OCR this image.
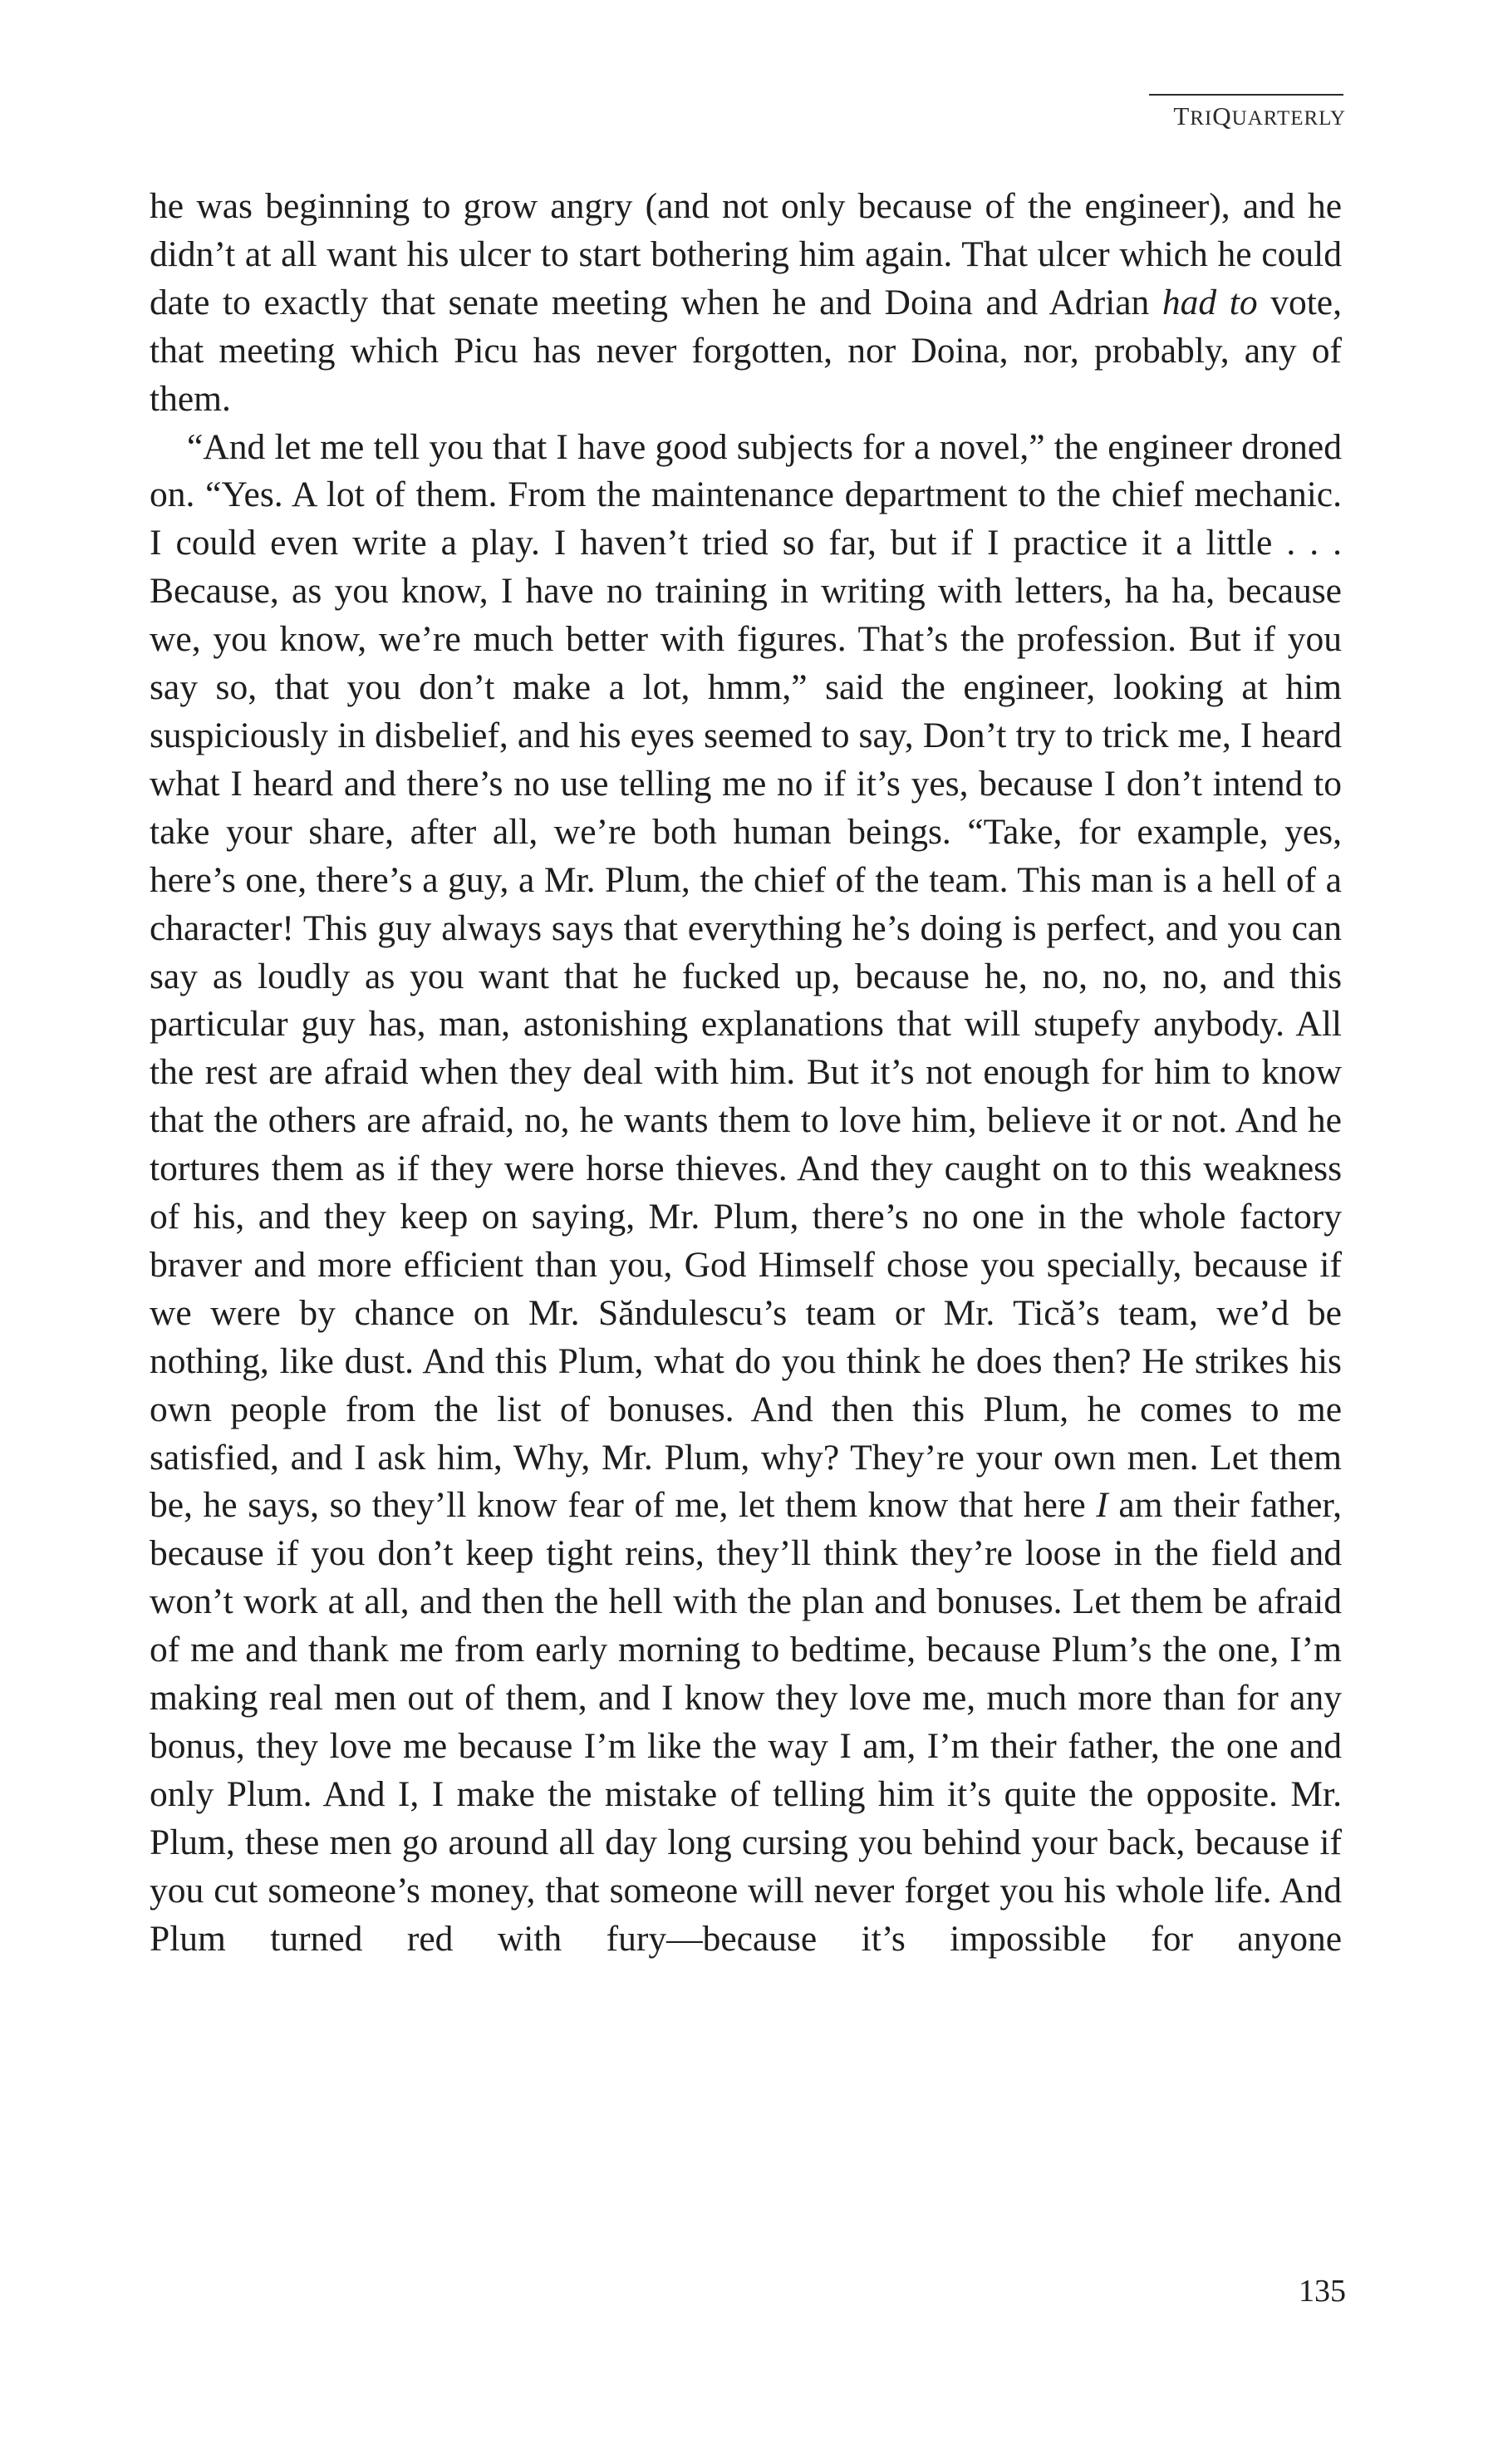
TRIQUARTERLY

he was beginning to grow angry (and not only because of the engineer), and he didn’t at all want his ulcer to start bothering him again. That ulcer which he could date to exactly that senate meeting when he and Doina and Adrian had to vote, that meeting which Picu has never forgotten, nor Doina, nor, probably, any of them.

“And let me tell you that I have good subjects for a novel,” the engineer droned on. “Yes. A lot of them. From the maintenance department to the chief mechanic. I could even write a play. I haven’t tried so far, but if I practice it a little . . . Because, as you know, I have no training in writing with letters, ha ha, because we, you know, we’re much better with figures. That’s the profession. But if you say so, that you don’t make a lot, hmm,” said the engineer, looking at him suspiciously in disbelief, and his eyes seemed to say, Don’t try to trick me, I heard what I heard and there’s no use telling me no if it’s yes, because I don’t intend to take your share, after all, we’re both human beings. “Take, for example, yes, here’s one, there’s a guy, a Mr. Plum, the chief of the team. This man is a hell of a character! This guy always says that everything he’s doing is perfect, and you can say as loudly as you want that he fucked up, because he, no, no, no, and this particular guy has, man, astonishing explanations that will stupefy anybody. All the rest are afraid when they deal with him. But it’s not enough for him to know that the others are afraid, no, he wants them to love him, believe it or not. And he tortures them as if they were horse thieves. And they caught on to this weakness of his, and they keep on saying, Mr. Plum, there’s no one in the whole factory braver and more efficient than you, God Himself chose you specially, because if we were by chance on Mr. Săndulescu’s team or Mr. Tică’s team, we’d be nothing, like dust. And this Plum, what do you think he does then? He strikes his own people from the list of bonuses. And then this Plum, he comes to me satisfied, and I ask him, Why, Mr. Plum, why? They’re your own men. Let them be, he says, so they’ll know fear of me, let them know that here I am their father, because if you don’t keep tight reins, they’ll think they’re loose in the field and won’t work at all, and then the hell with the plan and bonuses. Let them be afraid of me and thank me from early morning to bedtime, because Plum’s the one, I’m making real men out of them, and I know they love me, much more than for any bonus, they love me because I’m like the way I am, I’m their father, the one and only Plum. And I, I make the mistake of telling him it’s quite the opposite. Mr. Plum, these men go around all day long cursing you behind your back, because if you cut someone’s money, that someone will never forget you his whole life. And Plum turned red with fury—because it’s impossible for anyone

135
